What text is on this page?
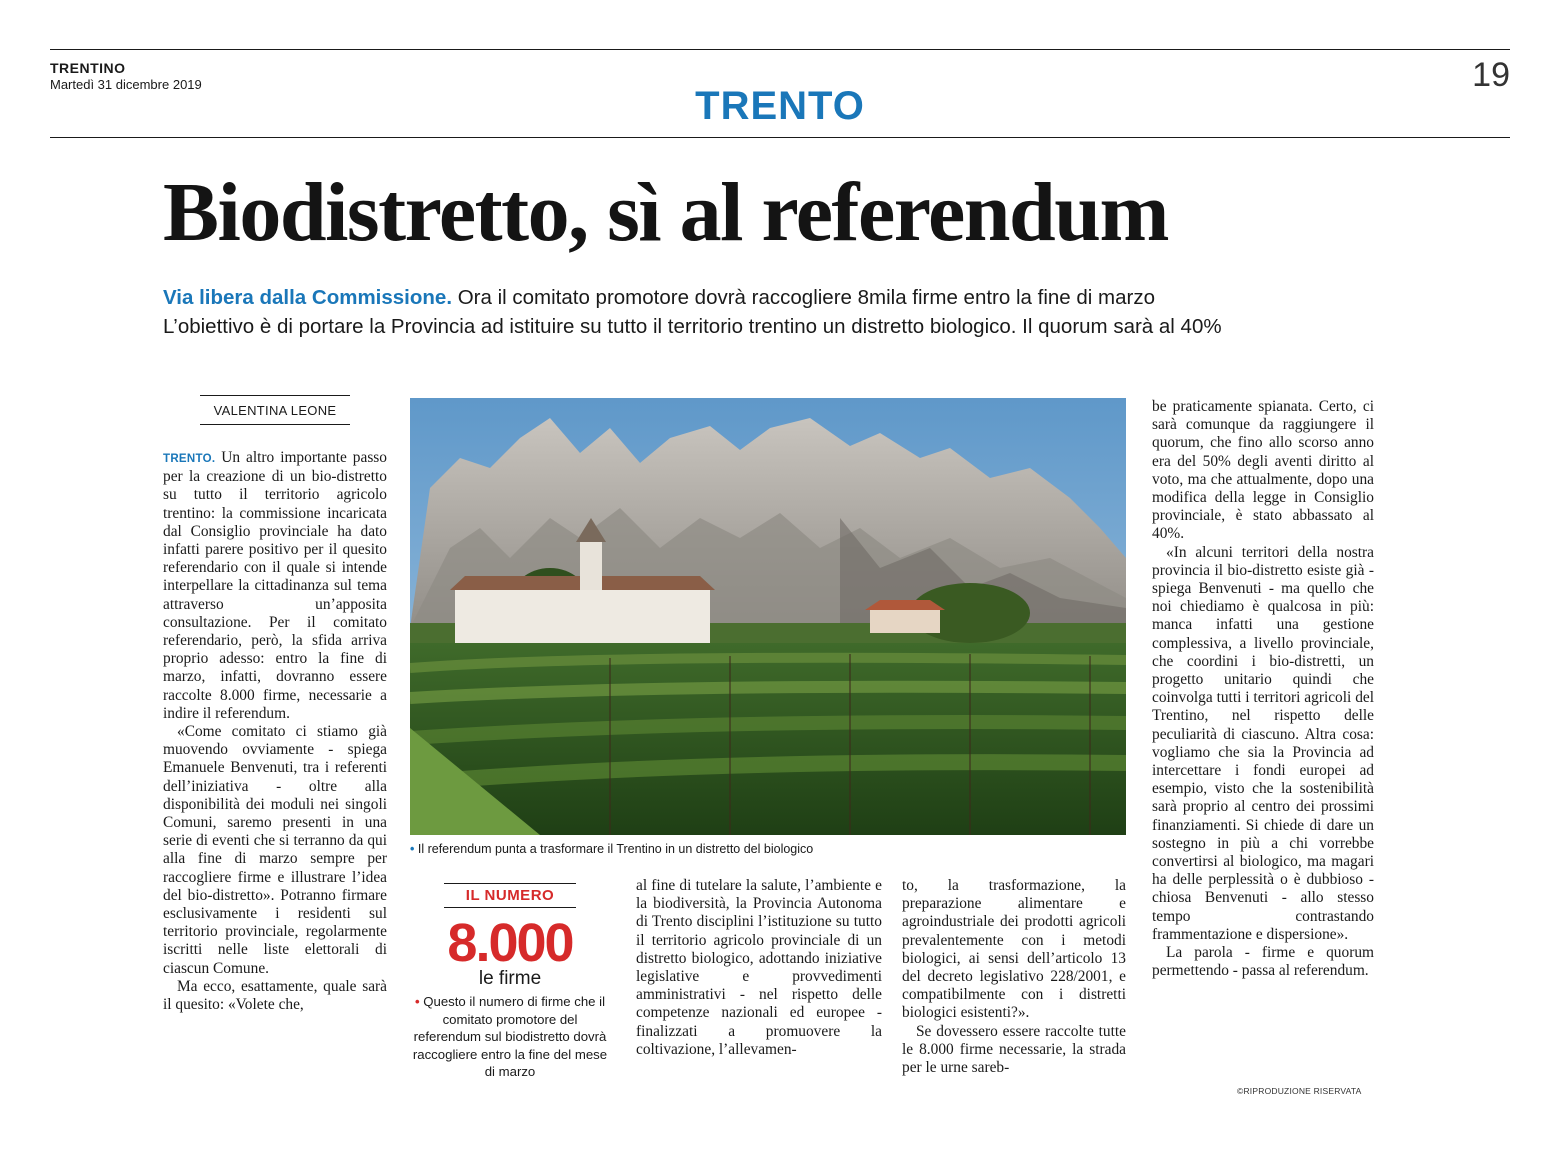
TRENTINO
Martedì 31 dicembre 2019	TRENTO
19
Biodistretto, sì al referendum
Via libera dalla Commissione. Ora il comitato promotore dovrà raccogliere 8mila firme entro la fine di marzo
L’obiettivo è di portare la Provincia ad istituire su tutto il territorio trentino un distretto biologico. Il quorum sarà al 40%
VALENTINA LEONE

TRENTO. Un altro importante passo per la creazione di un bio-distretto su tutto il territorio agricolo trentino: la commissione incaricata dal Consiglio provinciale ha dato infatti parere positivo per il quesito referendario con il quale si intende interpellare la cittadinanza sul tema attraverso un’apposita consultazione. Per il comitato referendario, però, la sfida arriva proprio adesso: entro la fine di marzo, infatti, dovranno essere raccolte 8.000 firme, necessarie a indire il referendum.

«Come comitato ci stiamo già muovendo ovviamente - spiega Emanuele Benvenuti, tra i referenti dell’iniziativa - oltre alla disponibilità dei moduli nei singoli Comuni, saremo presenti in una serie di eventi che si terranno da qui alla fine di marzo sempre per raccogliere firme e illustrare l’idea del bio-distretto». Potranno firmare esclusivamente i residenti sul territorio provinciale, regolarmente iscritti nelle liste elettorali di ciascun Comune.

Ma ecco, esattamente, quale sarà il quesito: «Volete che,

• Il referendum punta a trasformare il Trentino in un distretto del biologico
IL NUMERO
8.000
le firme
• Questo il numero di firme che il comitato promotore del referendum sul biodistretto dovrà raccogliere entro la fine del mese di marzo

al fine di tutelare la salute, l’ambiente e la biodiversità, la Provincia Autonoma di Trento disciplini l’istituzione su tutto il territorio agricolo provinciale di un distretto biologico, adottando iniziative legislative e provvedimenti amministrativi - nel rispetto delle competenze nazionali ed europee - finalizzati a promuovere la coltivazione, l’allevamen-

to, la trasformazione, la preparazione alimentare e agroindustriale dei prodotti agricoli prevalentemente con i metodi biologici, ai sensi dell’articolo 13 del decreto legislativo 228/2001, e compatibilmente con i distretti biologici esistenti?».

Se dovessero essere raccolte tutte le 8.000 firme necessarie, la strada per le urne sareb-

be praticamente spianata. Certo, ci sarà comunque da raggiungere il quorum, che fino allo scorso anno era del 50% degli aventi diritto al voto, ma che attualmente, dopo una modifica della legge in Consiglio provinciale, è stato abbassato al 40%.

«In alcuni territori della nostra provincia il bio-distretto esiste già - spiega Benvenuti - ma quello che noi chiediamo è qualcosa in più: manca infatti una gestione complessiva, a livello provinciale, che coordini i bio-distretti, un progetto unitario quindi che coinvolga tutti i territori agricoli del Trentino, nel rispetto delle peculiarità di ciascuno. Altra cosa: vogliamo che sia la Provincia ad intercettare i fondi europei ad esempio, visto che la sostenibilità sarà proprio al centro dei prossimi finanziamenti. Si chiede di dare un sostegno in più a chi vorrebbe convertirsi al biologico, ma magari ha delle perplessità o è dubbioso - chiosa Benvenuti - allo stesso tempo contrastando frammentazione e dispersione».

La parola - firme e quorum permettendo - passa al referendum.

©RIPRODUZIONE RISERVATA
